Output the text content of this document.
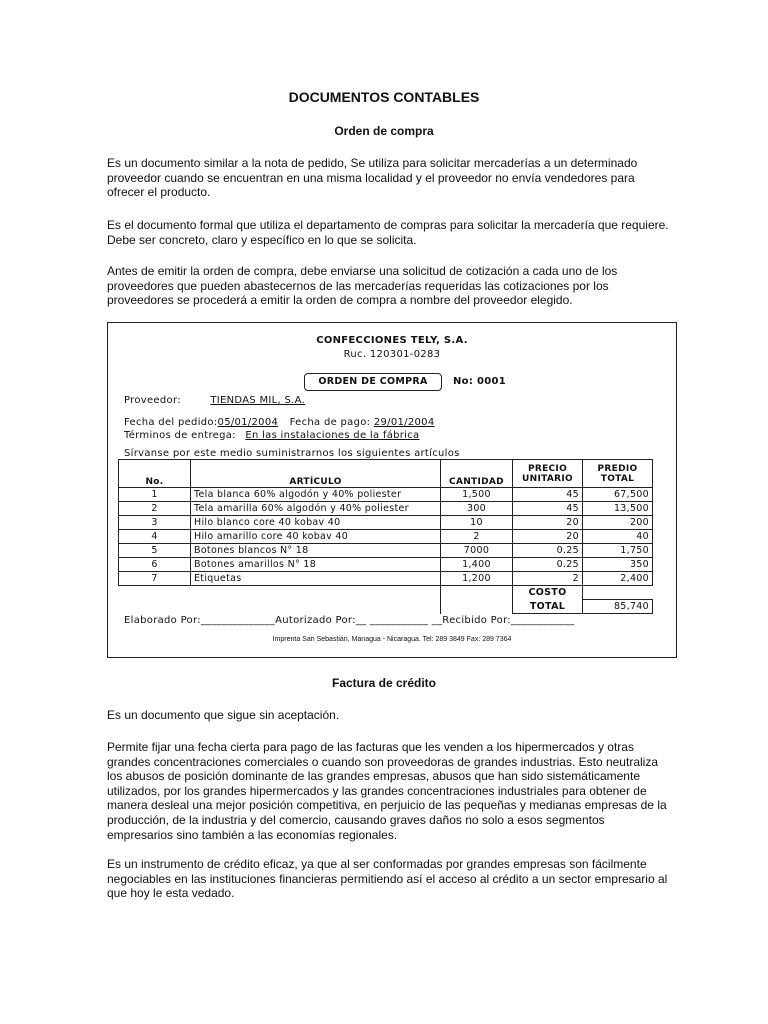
DOCUMENTOS CONTABLES
Orden de compra
Es un documento similar a la nota de pedido, Se utiliza para solicitar mercaderías a un determinado proveedor cuando se encuentran en una misma localidad y el proveedor no envía vendedores para ofrecer el producto.
Es el documento formal que utiliza el departamento de compras para solicitar la mercadería que requiere. Debe ser concreto, claro y específico en lo que se solicita.
Antes de emitir la orden de compra, debe enviarse una solicitud de cotización a cada uno de los proveedores que pueden abastecernos de las mercaderías requeridas las cotizaciones por los proveedores se procederá a emitir la orden de compra a nombre del proveedor elegido.
CONFECCIONES TELY, S.A.
Ruc. 120301-0283
ORDEN DE COMPRA	No: 0001
Proveedor:	TIENDAS MIL, S.A.
Fecha del pedido:05/01/2004 Fecha de pago: 29/01/2004
Términos de entrega: En las instalaciones de la fábrica
Sírvanse por este medio suministrarnos los siguientes artículos
No.	ARTÍCULO	CANTIDAD	PRECIO UNITARIO	PREDIO TOTAL
1	Tela blanca 60% algodón y 40% poliester	1,500	45	67,500
2	Tela amarilla 60% algodón y 40% poliester	300	45	13,500
3	Hilo blanco core 40 kobav 40	10	20	200
4	Hilo amarillo core 40 kobav 40	2	20	40
5	Botones blancos N° 18	7000	0.25	1,750
6	Botones amarillos N° 18	1,400	0.25	350
7	Etiquetas	1,200	2	2,400
			COSTO	
			TOTAL	85,740
Elaborado Por:______________Autorizado Por:__ ___________ __Recibido Por:____________
Imprenta San Sebastián, Managua - Nicaragua. Tel: 289 3849 Fax: 289 7364
Factura de crédito
Es un documento que sigue sin aceptación.
Permite fijar una fecha cierta para pago de las facturas que les venden a los hipermercados y otras grandes concentraciones comerciales o cuando son proveedoras de grandes industrias. Esto neutraliza los abusos de posición dominante de las grandes empresas, abusos que han sido sistemáticamente utilizados, por los grandes hipermercados y las grandes concentraciones industriales para obtener de manera desleal una mejor posición competitiva, en perjuicio de las pequeñas y medianas empresas de la producción, de la industria y del comercio, causando graves daños no solo a esos segmentos empresarios sino también a las economías regionales.
Es un instrumento de crédito eficaz, ya que al ser conformadas por grandes empresas son fácilmente negociables en las instituciones financieras permitiendo así el acceso al crédito a un sector empresario al que hoy le esta vedado.
